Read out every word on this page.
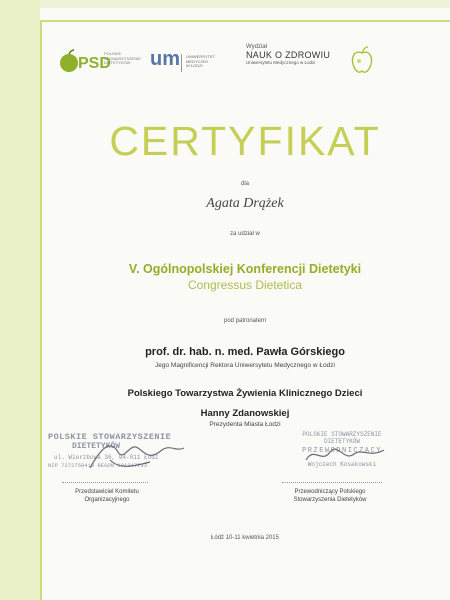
PSD
POLSKIE
STOWARZYSZENIE
DIETETYKÓW um UNIWERSYTET
MEDYCZNY
W ŁODZI
Wydział
NAUK O ZDROWIU
Uniwersytetu Medycznego w Łodzi
CERTYFIKAT
dla
Agata Drążek
za udział w
V. Ogólnopolskiej Konferencji Dietetyki
Congressus Dietetica
pod patronatem
prof. dr. hab. n. med. Pawła Górskiego
Jego Magnificencji Rektora Uniwersytetu Medycznego w Łodzi
Polskiego Towarzystwa Żywienia Klinicznego Dzieci
Hanny Zdanowskiej
Prezydenta Miasta Łodzi
POLSKIE STOWARZYSZENIE
DIETETYKÓW
ul. Wierzbowa 36, 94-011 Łódź
NIP 7272758418 REGON 101347733
POLSKIE STOWARZYSZENIE
DIETETYKÓW
PRZEWODNICZĄCY
Wojciech Kosakowski
Przedstawiciel Komitetu
Organizacyjnego
Przewodniczący Polskiego
Stowarzyszenia Dietetyków
Łódź 10-11 kwietnia 2015
